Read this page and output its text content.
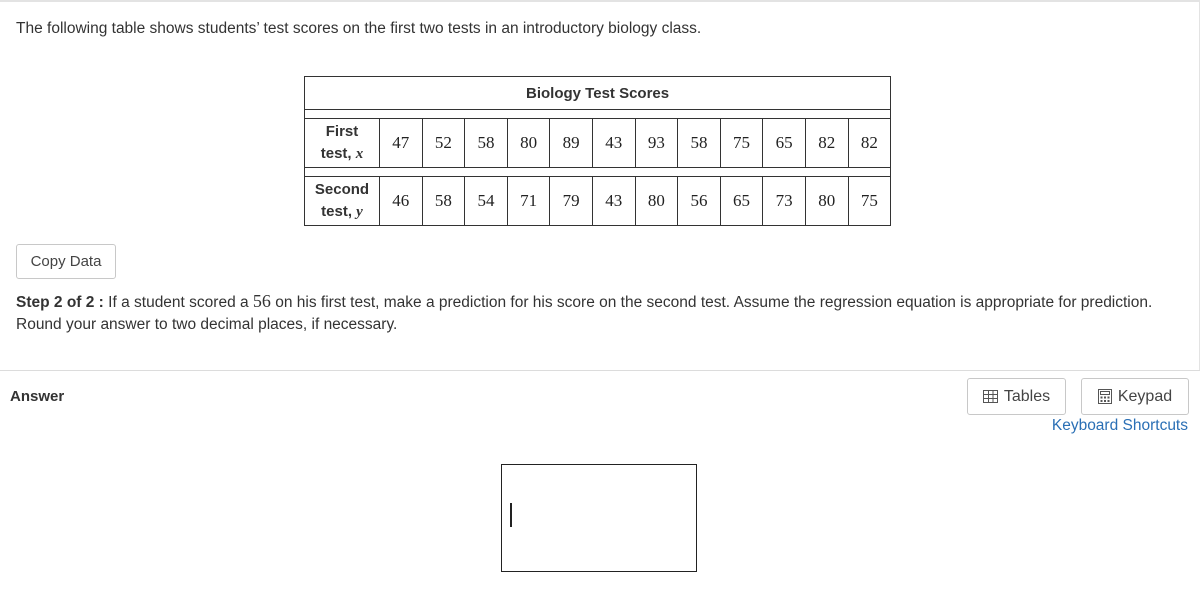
The following table shows students’ test scores on the first two tests in an introductory biology class.
Biology Test Scores												

First
test, x	47	52	58	80	89	43	93	58	75	65	82	82

Second
test, y	46	58	54	71	79	43	80	56	65	73	80	75
Copy Data
Step 2 of 2 : If a student scored a 56 on his first test, make a prediction for his score on the second test. Assume the regression equation is appropriate for prediction. Round your answer to two decimal places, if necessary.
Answer	Tables	Keypad
Keyboard Shortcuts
